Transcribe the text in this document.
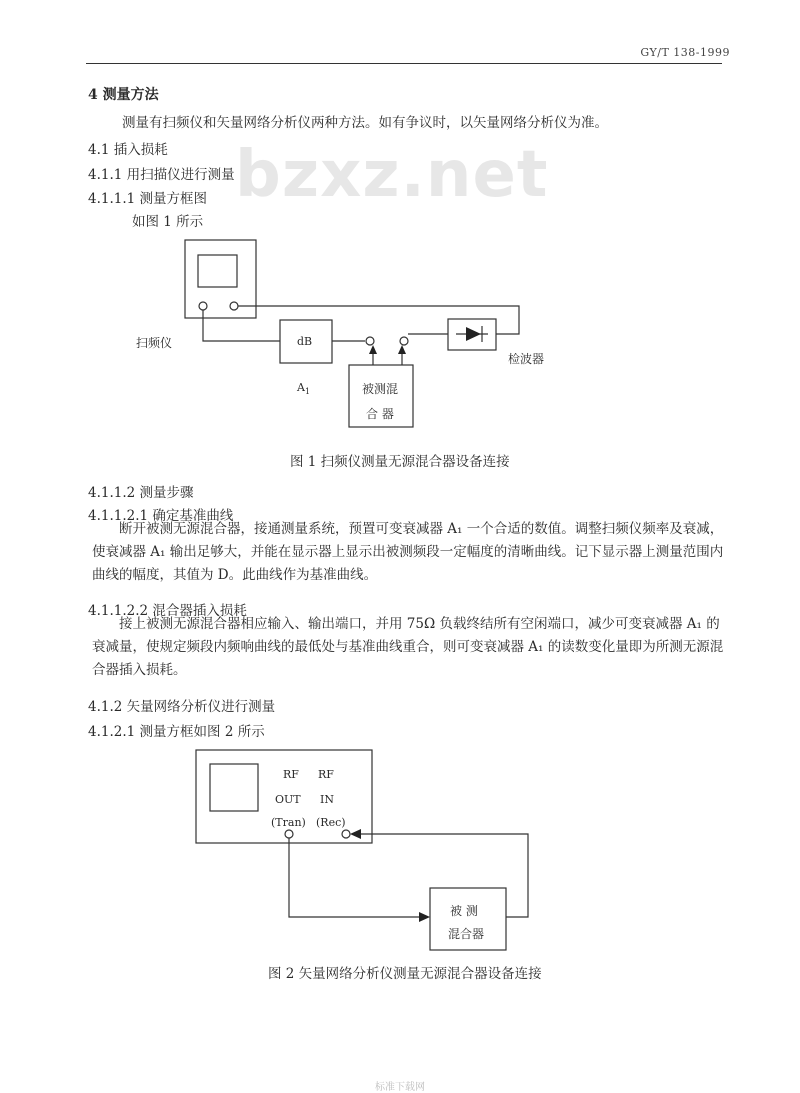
GY/T 138-1999
bzxz.net
4 测量方法
测量有扫频仪和矢量网络分析仪两种方法。如有争议时，以矢量网络分析仪为准。
4.1 插入损耗
4.1.1 用扫描仪进行测量
4.1.1.1 测量方框图
如图 1 所示
扫频仪	dB
$A_1$	被测混
合 器
检波器
图 1 扫频仪测量无源混合器设备连接
4.1.1.2 测量步骤
4.1.1.2.1 确定基准曲线
断开被测无源混合器，接通测量系统，预置可变衰减器 A₁ 一个合适的数值。调整扫频仪频率及衰减，使衰减器 A₁ 输出足够大，并能在显示器上显示出被测频段一定幅度的清晰曲线。记下显示器上测量范围内曲线的幅度，其值为 D。此曲线作为基准曲线。
4.1.1.2.2 混合器插入损耗
接上被测无源混合器相应输入、输出端口，并用 75Ω 负载终结所有空闲端口，减少可变衰减器 A₁ 的衰减量，使规定频段内频响曲线的最低处与基准曲线重合，则可变衰减器 A₁ 的读数变化量即为所测无源混合器插入损耗。
4.1.2 矢量网络分析仪进行测量
4.1.2.1 测量方框如图 2 所示
RF
OUT
(Tran)
RF
IN
(Rec)
被 测
混合器
图 2 矢量网络分析仪测量无源混合器设备连接
标准下载网
